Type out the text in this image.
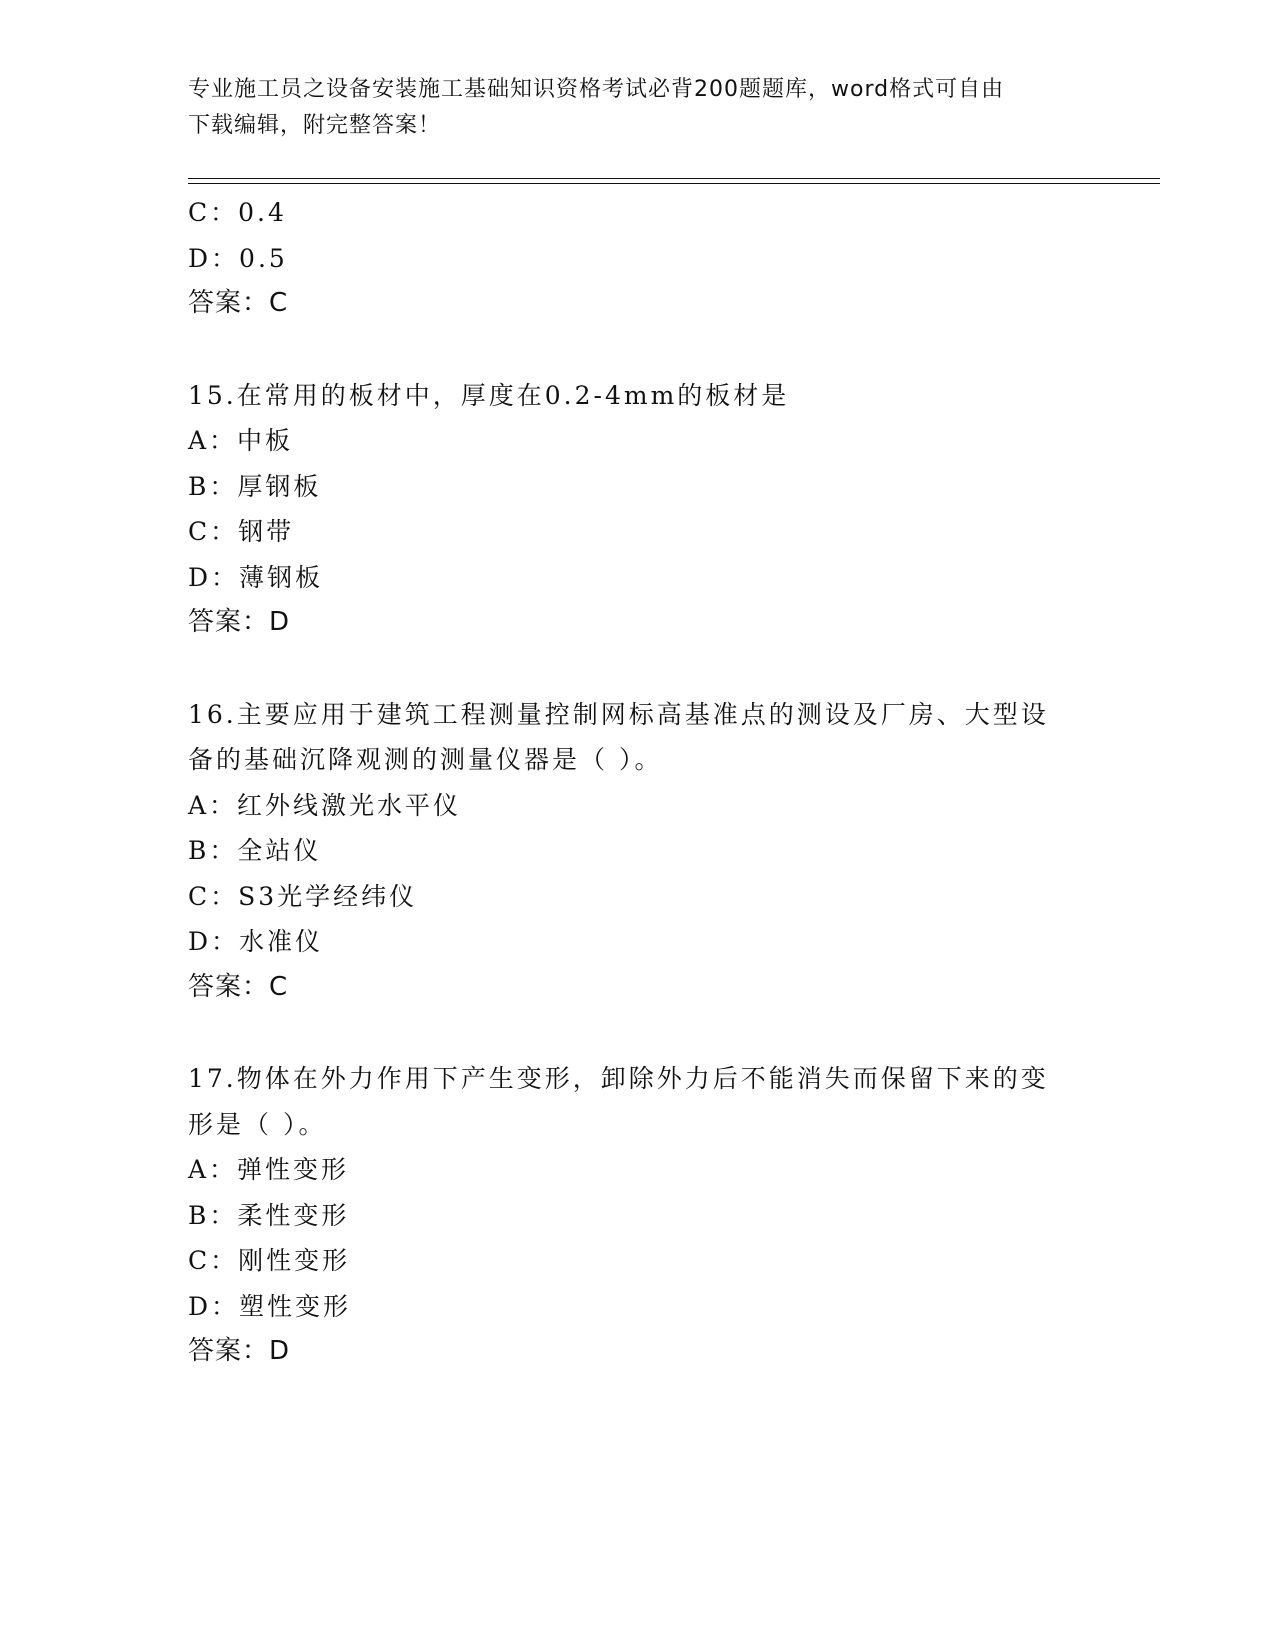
专业施工员之设备安装施工基础知识资格考试必背200题题库，word格式可自由
下载编辑，附完整答案！
C：0.4
D：0.5
答案：C
15.在常用的板材中，厚度在0.2-4mm的板材是
A：中板
B：厚钢板
C：钢带
D：薄钢板
答案：D
16.主要应用于建筑工程测量控制网标高基准点的测设及厂房、大型设
备的基础沉降观测的测量仪器是（ ）。
A：红外线激光水平仪
B：全站仪
C：S3光学经纬仪
D：水准仪
答案：C
17.物体在外力作用下产生变形，卸除外力后不能消失而保留下来的变
形是（ ）。
A：弹性变形
B：柔性变形
C：刚性变形
D：塑性变形
答案：D
